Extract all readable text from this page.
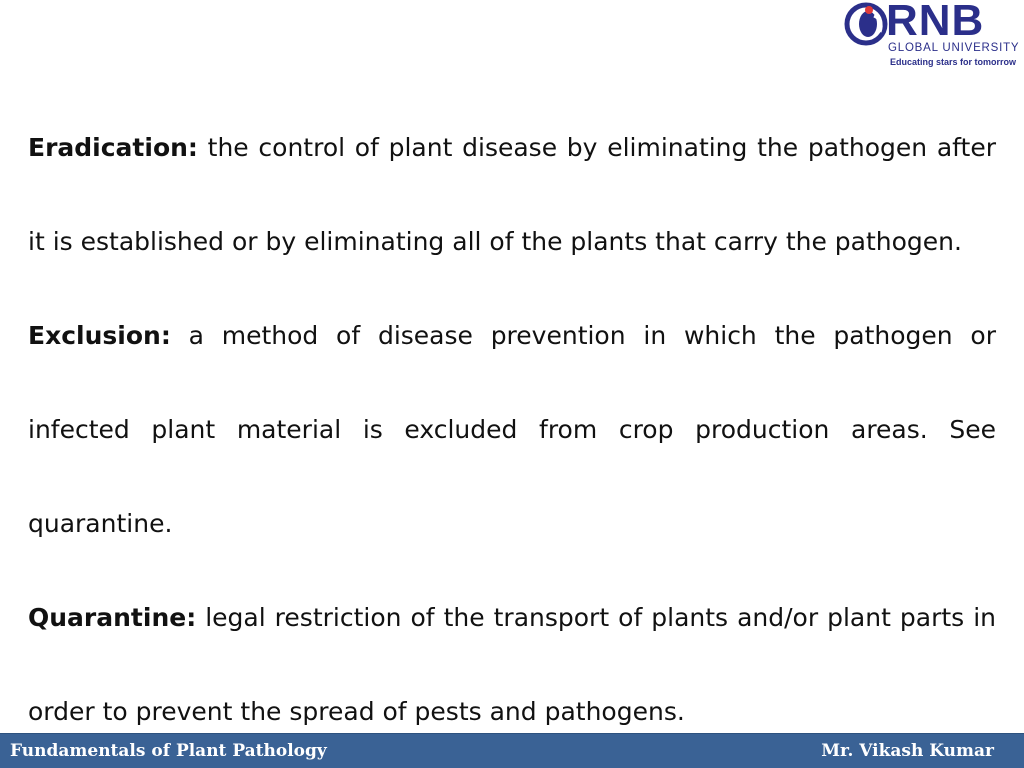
RNB
GLOBAL UNIVERSITY
Educating stars for tomorrow

Eradication: the control of plant disease by eliminating the pathogen after it is established or by eliminating all of the plants that carry the pathogen.

Exclusion: a method of disease prevention in which the pathogen or infected plant material is excluded from crop production areas. See quarantine.

Quarantine: legal restriction of the transport of plants and/or plant parts in order to prevent the spread of pests and pathogens.

Fundamentals of Plant Pathology	Mr. Vikash Kumar
